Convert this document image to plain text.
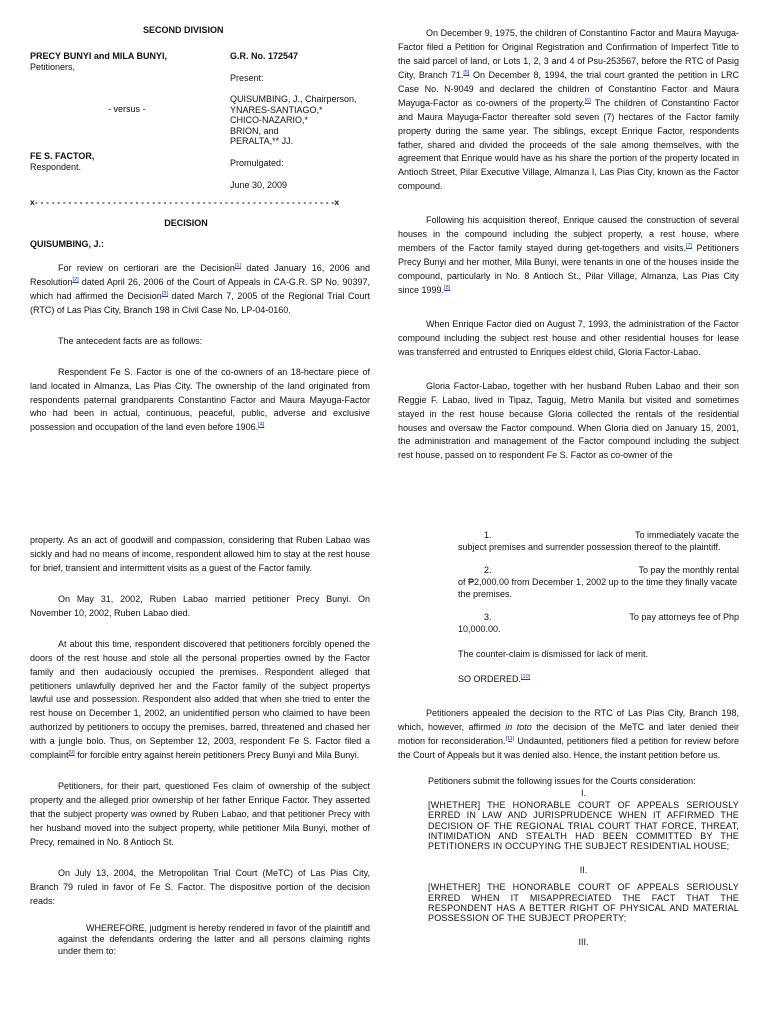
SECOND DIVISION
PRECY BUNYI and MILA BUNYI,
Petitioners,
- versus -
FE S. FACTOR,
Respondent.
G.R. No. 172547
Present:
QUISUMBING, J., Chairperson,
YNARES-SANTIAGO,*
CHICO-NAZARIO,*
BRION, and
PERALTA,** JJ.
Promulgated:
June 30, 2009
x- - - - - - - - - - - - - - - - - - - - - - - - - - - - - - - - - - - - - - - - - - - - - - - - - - - - - -x
DECISION
QUISUMBING, J.:

For review on certiorari are the Decision[1] dated January 16, 2006 and Resolution[2] dated April 26, 2006 of the Court of Appeals in CA-G.R. SP No. 90397, which had affirmed the Decision[3] dated March 7, 2005 of the Regional Trial Court (RTC) of Las Pias City, Branch 198 in Civil Case No. LP-04-0160.

The antecedent facts are as follows:

Respondent Fe S. Factor is one of the co-owners of an 18-hectare piece of land located in Almanza, Las Pias City. The ownership of the land originated from respondents paternal grandparents Constantino Factor and Maura Mayuga-Factor who had been in actual, continuous, peaceful, public, adverse and exclusive possession and occupation of the land even before 1906.[4]

On December 9, 1975, the children of Constantino Factor and Maura Mayuga-Factor filed a Petition for Original Registration and Confirmation of Imperfect Title to the said parcel of land, or Lots 1, 2, 3 and 4 of Psu-253567, before the RTC of Pasig City, Branch 71.[5] On December 8, 1994, the trial court granted the petition in LRC Case No. N-9049 and declared the children of Constantino Factor and Maura Mayuga-Factor as co-owners of the property.[6] The children of Constantino Factor and Maura Mayuga-Factor thereafter sold seven (7) hectares of the Factor family property during the same year. The siblings, except Enrique Factor, respondents father, shared and divided the proceeds of the sale among themselves, with the agreement that Enrique would have as his share the portion of the property located in Antioch Street, Pilar Executive Village, Almanza I, Las Pias City, known as the Factor compound.

Following his acquisition thereof, Enrique caused the construction of several houses in the compound including the subject property, a rest house, where members of the Factor family stayed during get-togethers and visits.[7] Petitioners Precy Bunyi and her mother, Mila Bunyi, were tenants in one of the houses inside the compound, particularly in No. 8 Antioch St., Pilar Village, Almanza, Las Pias City since 1999.[8]

When Enrique Factor died on August 7, 1993, the administration of the Factor compound including the subject rest house and other residential houses for lease was transferred and entrusted to Enriques eldest child, Gloria Factor-Labao.

Gloria Factor-Labao, together with her husband Ruben Labao and their son Reggie F. Labao, lived in Tipaz, Taguig, Metro Manila but visited and sometimes stayed in the rest house because Gloria collected the rentals of the residential houses and oversaw the Factor compound. When Gloria died on January 15, 2001, the administration and management of the Factor compound including the subject rest house, passed on to respondent Fe S. Factor as co-owner of the

property. As an act of goodwill and compassion, considering that Ruben Labao was sickly and had no means of income, respondent allowed him to stay at the rest house for brief, transient and intermittent visits as a guest of the Factor family.

On May 31, 2002, Ruben Labao married petitioner Precy Bunyi. On November 10, 2002, Ruben Labao died.

At about this time, respondent discovered that petitioners forcibly opened the doors of the rest house and stole all the personal properties owned by the Factor family and then audaciously occupied the premises. Respondent alleged that petitioners unlawfully deprived her and the Factor family of the subject propertys lawful use and possession. Respondent also added that when she tried to enter the rest house on December 1, 2002, an unidentified person who claimed to have been authorized by petitioners to occupy the premises, barred, threatened and chased her with a jungle bolo. Thus, on September 12, 2003, respondent Fe S. Factor filed a complaint[9] for forcible entry against herein petitioners Precy Bunyi and Mila Bunyi.

Petitioners, for their part, questioned Fes claim of ownership of the subject property and the alleged prior ownership of her father Enrique Factor. They asserted that the subject property was owned by Ruben Labao, and that petitioner Precy with her husband moved into the subject property, while petitioner Mila Bunyi, mother of Precy, remained in No. 8 Antioch St.

On July 13, 2004, the Metropolitan Trial Court (MeTC) of Las Pias City, Branch 79 ruled in favor of Fe S. Factor. The dispositive portion of the decision reads:

WHEREFORE, judgment is hereby rendered in favor of the plaintiff and against the defendants ordering the latter and all persons claiming rights under them to:

1.	To immediately vacate the
subject premises and surrender possession thereof to the plaintiff.
2.	To pay the monthly rental
of ₱2,000.00 from December 1, 2002 up to the time they finally vacate the premises.
3.	To pay attorneys fee of Php
10,000.00.
The counter-claim is dismissed for lack of merit.
SO ORDERED.[10]

Petitioners appealed the decision to the RTC of Las Pias City, Branch 198, which, however, affirmed in toto the decision of the MeTC and later denied their motion for reconsideration.[11] Undaunted, petitioners filed a petition for review before the Court of Appeals but it was denied also. Hence, the instant petition before us.

Petitioners submit the following issues for the Courts consideration:
I.
[WHETHER] THE HONORABLE COURT OF APPEALS SERIOUSLY ERRED IN LAW AND JURISPRUDENCE WHEN IT AFFIRMED THE DECISION OF THE REGIONAL TRIAL COURT THAT FORCE, THREAT, INTIMIDATION AND STEALTH HAD BEEN COMMITTED BY THE PETITIONERS IN OCCUPYING THE SUBJECT RESIDENTIAL HOUSE;
II.
[WHETHER] THE HONORABLE COURT OF APPEALS SERIOUSLY ERRED WHEN IT MISAPPRECIATED THE FACT THAT THE RESPONDENT HAS A BETTER RIGHT OF PHYSICAL AND MATERIAL POSSESSION OF THE SUBJECT PROPERTY;
III.
